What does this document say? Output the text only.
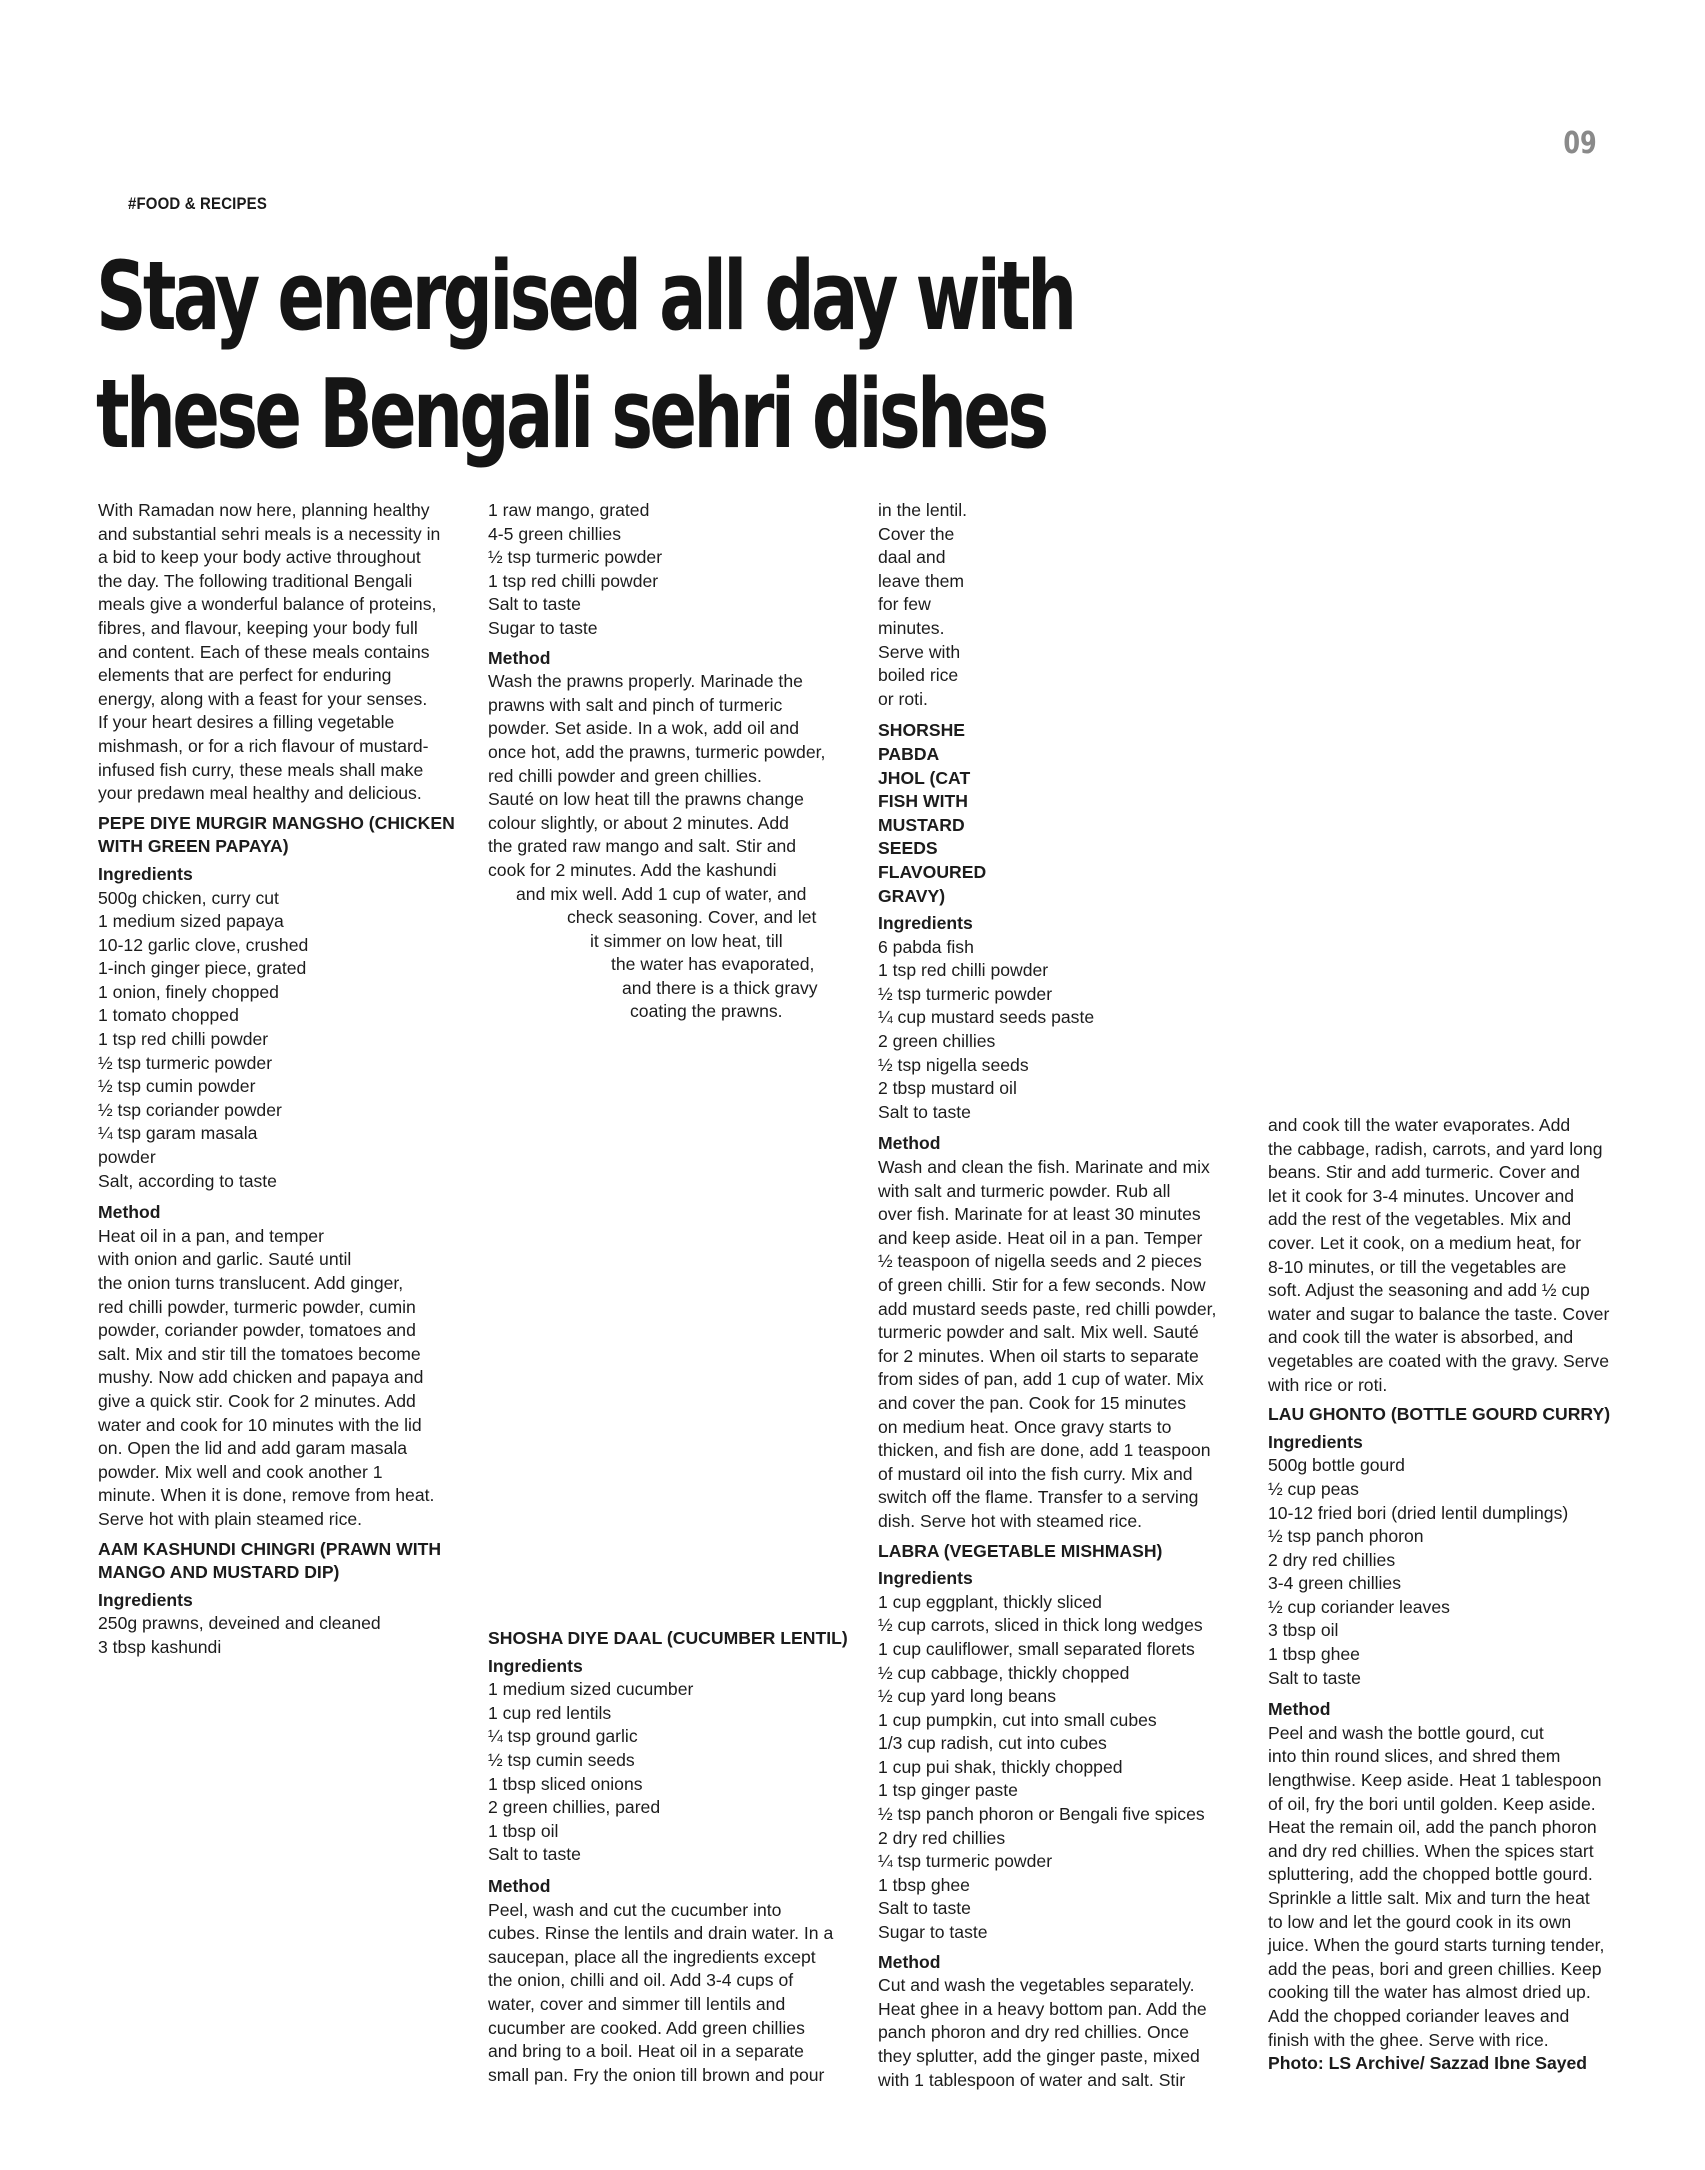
09
#FOOD & RECIPES
Stay energised all day with
these Bengali sehri dishes
With Ramadan now here, planning healthy
and substantial sehri meals is a necessity in
a bid to keep your body active throughout
the day. The following traditional Bengali
meals give a wonderful balance of proteins,
fibres, and flavour, keeping your body full
and content. Each of these meals contains
elements that are perfect for enduring
energy, along with a feast for your senses.
If your heart desires a filling vegetable
mishmash, or for a rich flavour of mustard-
infused fish curry, these meals shall make
your predawn meal healthy and delicious.
PEPE DIYE MURGIR MANGSHO (CHICKEN
WITH GREEN PAPAYA)

Ingredients

500g chicken, curry cut
1 medium sized papaya
10-12 garlic clove, crushed
1-inch ginger piece, grated
1 onion, finely chopped
1 tomato chopped
1 tsp red chilli powder
½ tsp turmeric powder
½ tsp cumin powder
½ tsp coriander powder
¼ tsp garam masala
powder
Salt, according to taste

Method

Heat oil in a pan, and temper
with onion and garlic. Sauté until
the onion turns translucent. Add ginger,
red chilli powder, turmeric powder, cumin
powder, coriander powder, tomatoes and
salt. Mix and stir till the tomatoes become
mushy. Now add chicken and papaya and
give a quick stir. Cook for 2 minutes. Add
water and cook for 10 minutes with the lid
on. Open the lid and add garam masala
powder. Mix well and cook another 1
minute. When it is done, remove from heat.
Serve hot with plain steamed rice.
AAM KASHUNDI CHINGRI (PRAWN WITH
MANGO AND MUSTARD DIP)

Ingredients

250g prawns, deveined and cleaned
3 tbsp kashundi
1 raw mango, grated
4-5 green chillies
½ tsp turmeric powder
1 tsp red chilli powder
Salt to taste
Sugar to taste

Method

Wash the prawns properly. Marinade the
prawns with salt and pinch of turmeric
powder. Set aside. In a wok, add oil and
once hot, add the prawns, turmeric powder,
red chilli powder and green chillies.
Sauté on low heat till the prawns change
colour slightly, or about 2 minutes. Add
the grated raw mango and salt. Stir and
cook for 2 minutes. Add the kashundi
and mix well. Add 1 cup of water, and
check seasoning. Cover, and let
it simmer on low heat, till
the water has evaporated,
and there is a thick gravy
coating the prawns.

SHOSHA DIYE DAAL (CUCUMBER LENTIL)

Ingredients

1 medium sized cucumber
1 cup red lentils
¼ tsp ground garlic
½ tsp cumin seeds
1 tbsp sliced onions
2 green chillies, pared
1 tbsp oil
Salt to taste

Method

Peel, wash and cut the cucumber into
cubes. Rinse the lentils and drain water. In a
saucepan, place all the ingredients except
the onion, chilli and oil. Add 3-4 cups of
water, cover and simmer till lentils and
cucumber are cooked. Add green chillies
and bring to a boil. Heat oil in a separate
small pan. Fry the onion till brown and pour
in the lentil.
Cover the
daal and
leave them
for few
minutes.
Serve with
boiled rice
or roti.
SHORSHE
PABDA
JHOL (CAT
FISH WITH
MUSTARD
SEEDS
FLAVOURED
GRAVY)

Ingredients

6 pabda fish
1 tsp red chilli powder
½ tsp turmeric powder
¼ cup mustard seeds paste
2 green chillies
½ tsp nigella seeds
2 tbsp mustard oil
Salt to taste

Method

Wash and clean the fish. Marinate and mix
with salt and turmeric powder. Rub all
over fish. Marinate for at least 30 minutes
and keep aside. Heat oil in a pan. Temper
½ teaspoon of nigella seeds and 2 pieces
of green chilli. Stir for a few seconds. Now
add mustard seeds paste, red chilli powder,
turmeric powder and salt. Mix well. Sauté
for 2 minutes. When oil starts to separate
from sides of pan, add 1 cup of water. Mix
and cover the pan. Cook for 15 minutes
on medium heat. Once gravy starts to
thicken, and fish are done, add 1 teaspoon
of mustard oil into the fish curry. Mix and
switch off the flame. Transfer to a serving
dish. Serve hot with steamed rice.

LABRA (VEGETABLE MISHMASH)

Ingredients

1 cup eggplant, thickly sliced
½ cup carrots, sliced in thick long wedges
1 cup cauliflower, small separated florets
½ cup cabbage, thickly chopped
½ cup yard long beans
1 cup pumpkin, cut into small cubes
1/3 cup radish, cut into cubes
1 cup pui shak, thickly chopped
1 tsp ginger paste
½ tsp panch phoron or Bengali five spices
2 dry red chillies
¼ tsp turmeric powder
1 tbsp ghee
Salt to taste
Sugar to taste

Method

Cut and wash the vegetables separately.
Heat ghee in a heavy bottom pan. Add the
panch phoron and dry red chillies. Once
they splutter, add the ginger paste, mixed
with 1 tablespoon of water and salt. Stir
and cook till the water evaporates. Add
the cabbage, radish, carrots, and yard long
beans. Stir and add turmeric. Cover and
let it cook for 3-4 minutes. Uncover and
add the rest of the vegetables. Mix and
cover. Let it cook, on a medium heat, for
8-10 minutes, or till the vegetables are
soft. Adjust the seasoning and add ½ cup
water and sugar to balance the taste. Cover
and cook till the water is absorbed, and
vegetables are coated with the gravy. Serve
with rice or roti.

LAU GHONTO (BOTTLE GOURD CURRY)

Ingredients

500g bottle gourd
½ cup peas
10-12 fried bori (dried lentil dumplings)
½ tsp panch phoron
2 dry red chillies
3-4 green chillies
½ cup coriander leaves
3 tbsp oil
1 tbsp ghee
Salt to taste

Method

Peel and wash the bottle gourd, cut
into thin round slices, and shred them
lengthwise. Keep aside. Heat 1 tablespoon
of oil, fry the bori until golden. Keep aside.
Heat the remain oil, add the panch phoron
and dry red chillies. When the spices start
spluttering, add the chopped bottle gourd.
Sprinkle a little salt. Mix and turn the heat
to low and let the gourd cook in its own
juice. When the gourd starts turning tender,
add the peas, bori and green chillies. Keep
cooking till the water has almost dried up.
Add the chopped coriander leaves and
finish with the ghee. Serve with rice.

Photo: LS Archive/ Sazzad Ibne Sayed
